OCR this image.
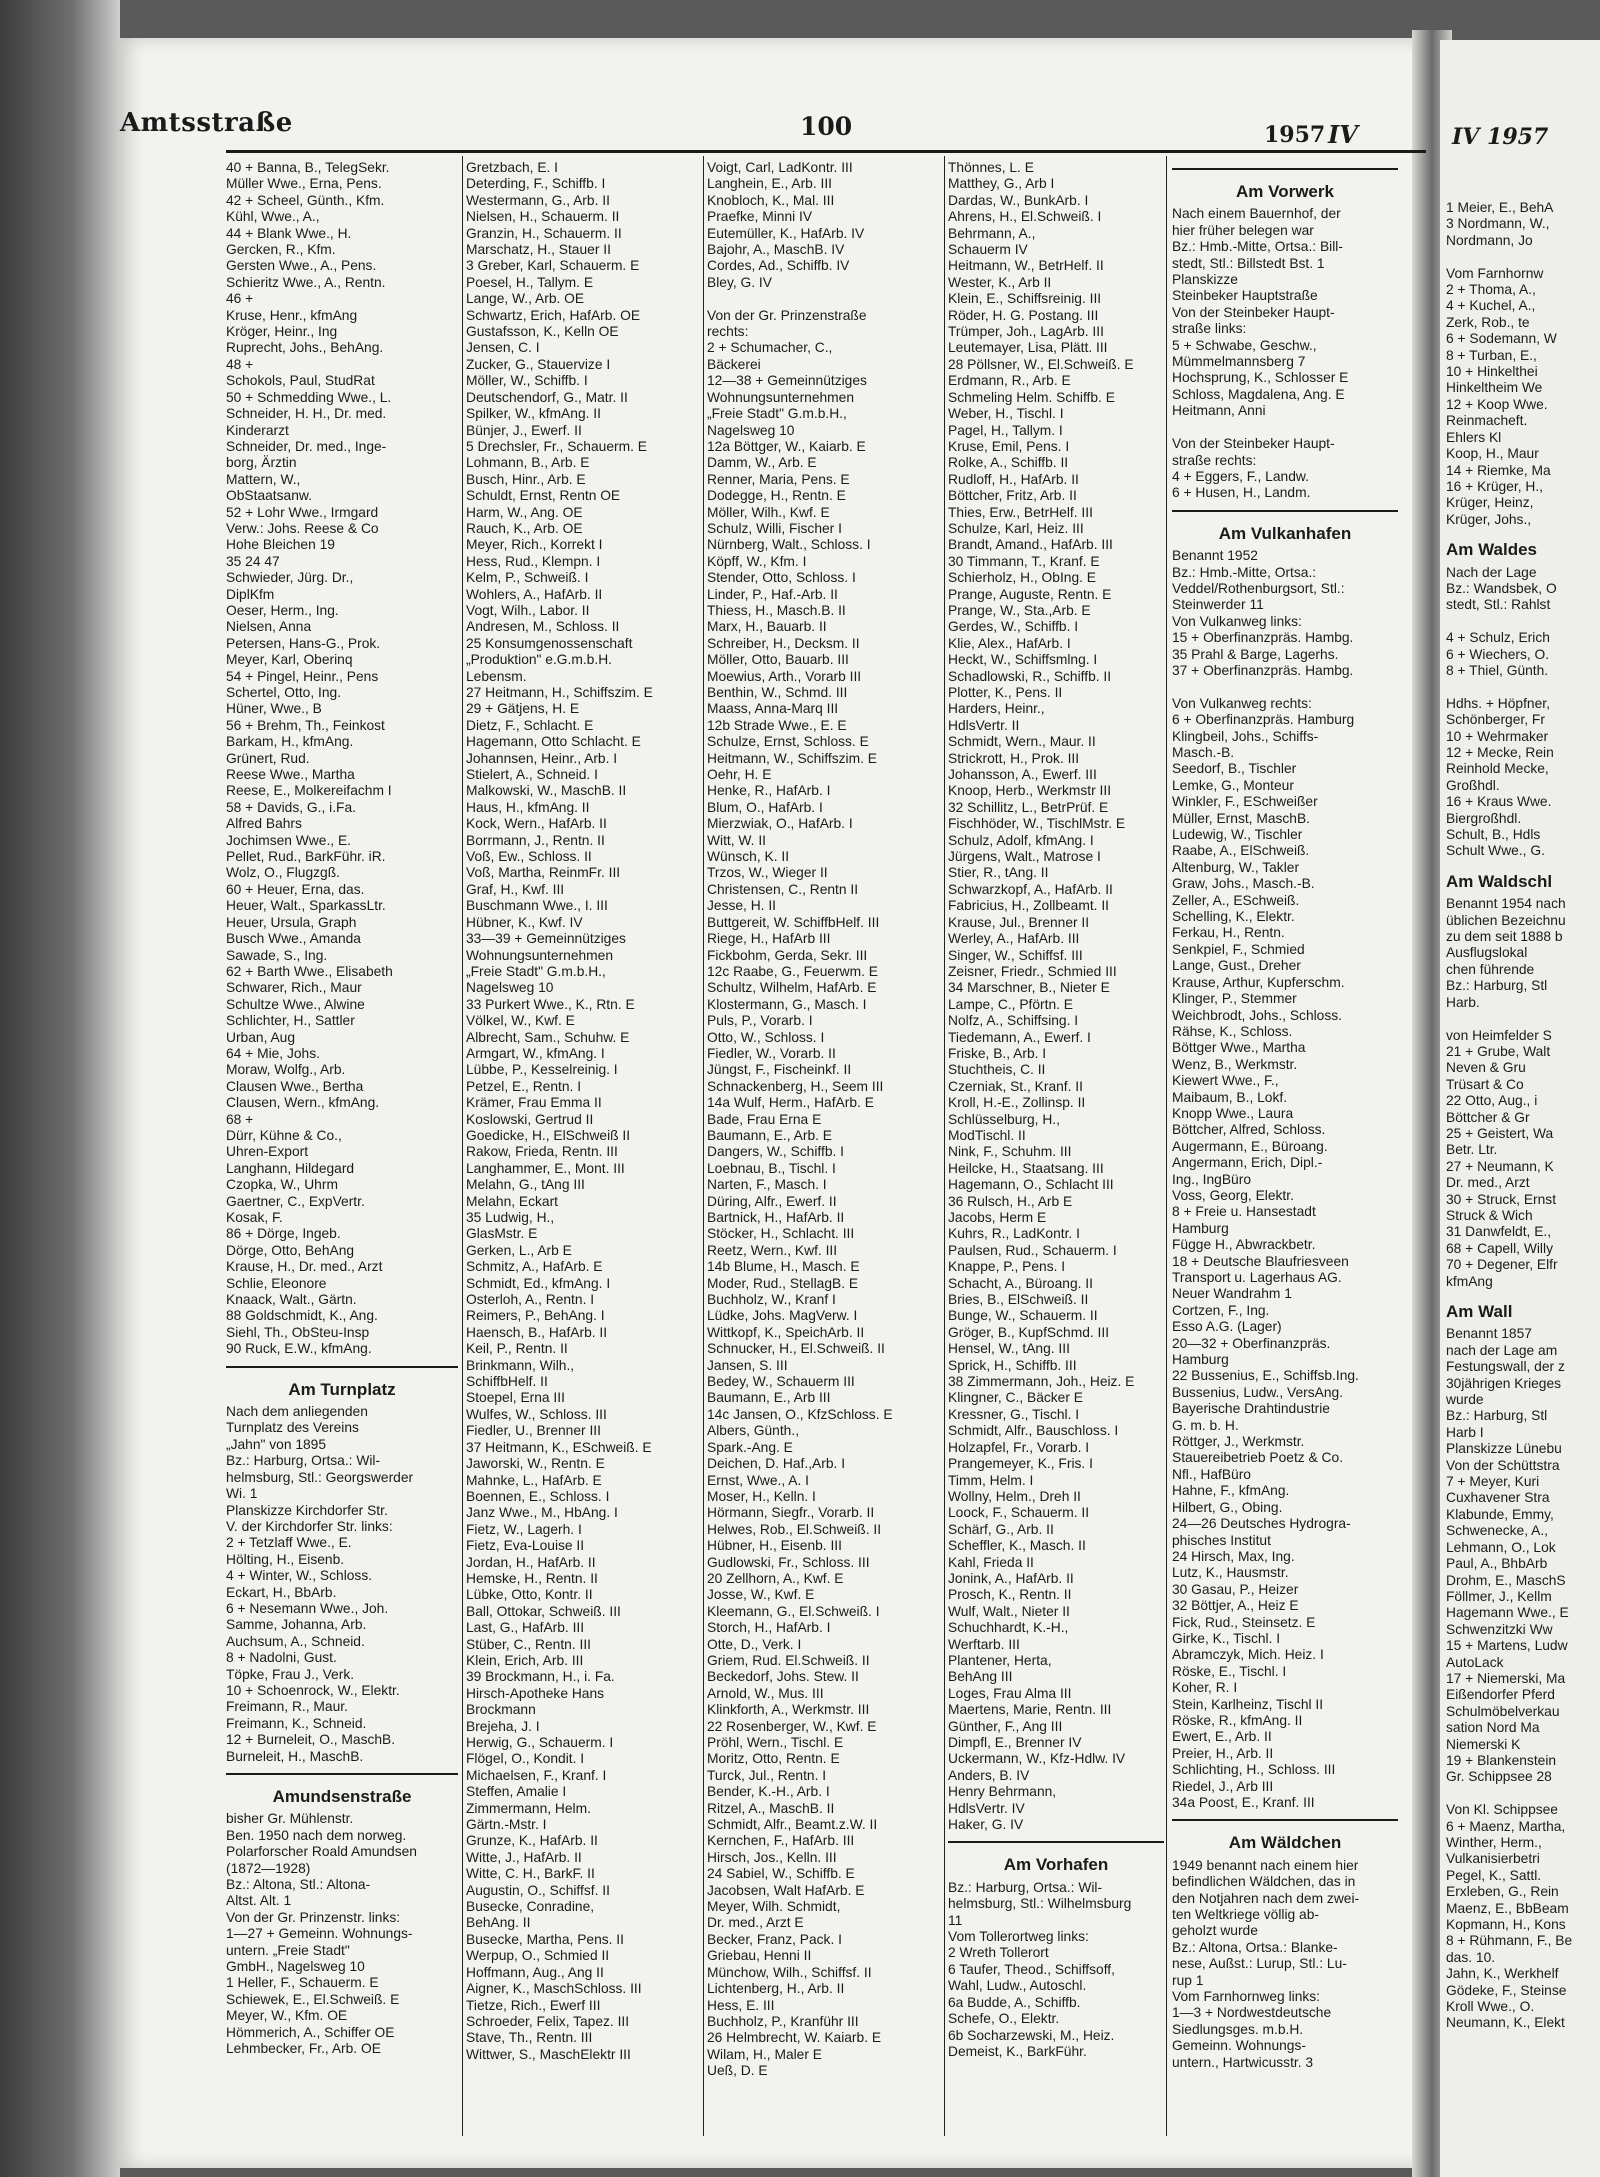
Amtsstraße	100	1957 IV
40 + Banna, B., TelegSekr.
Müller Wwe., Erna, Pens.
42 + Scheel, Günth., Kfm.
Kühl, Wwe., A.,
44 + Blank Wwe., H.
Gercken, R., Kfm.
Gersten Wwe., A., Pens.
Schieritz Wwe., A., Rentn.
46 +
Kruse, Henr., kfmAng
Kröger, Heinr., Ing
Ruprecht, Johs., BehAng.
48 +
Schokols, Paul, StudRat
50 + Schmedding Wwe., L.
Schneider, H. H., Dr. med.
Kinderarzt
Schneider, Dr. med., Inge-
borg, Ärztin
Mattern, W.,
ObStaatsanw.
52 + Lohr Wwe., Irmgard
Verw.: Johs. Reese & Co
Hohe Bleichen 19
35 24 47
Schwieder, Jürg. Dr.,
DiplKfm
Oeser, Herm., Ing.
Nielsen, Anna
Petersen, Hans-G., Prok.
Meyer, Karl, Oberinq
54 + Pingel, Heinr., Pens
Schertel, Otto, Ing.
Hüner, Wwe., B
56 + Brehm, Th., Feinkost
Barkam, H., kfmAng.
Grünert, Rud.
Reese Wwe., Martha
Reese, E., Molkereifachm I
58 + Davids, G., i.Fa.
Alfred Bahrs
Jochimsen Wwe., E.
Pellet, Rud., BarkFühr. iR.
Wolz, O., Flugzgß.
60 + Heuer, Erna, das.
Heuer, Walt., SparkassLtr.
Heuer, Ursula, Graph
Busch Wwe., Amanda
Sawade, S., Ing.
62 + Barth Wwe., Elisabeth
Schwarer, Rich., Maur
Schultze Wwe., Alwine
Schlichter, H., Sattler
Urban, Aug
64 + Mie, Johs.
Moraw, Wolfg., Arb.
Clausen Wwe., Bertha
Clausen, Wern., kfmAng.
68 +
Dürr, Kühne & Co.,
Uhren-Export
Langhann, Hildegard
Czopka, W., Uhrm
Gaertner, C., ExpVertr.
Kosak, F.
86 + Dörge, Ingeb.
Dörge, Otto, BehAng
Krause, H., Dr. med., Arzt
Schlie, Eleonore
Knaack, Walt., Gärtn.
88 Goldschmidt, K., Ang.
Siehl, Th., ObSteu-Insp
90 Ruck, E.W., kfmAng.
Am Turnplatz
Nach dem anliegenden
Turnplatz des Vereins
„Jahn" von 1895
Bz.: Harburg, Ortsa.: Wil-
helmsburg, Stl.: Georgswerder
Wi. 1
Planskizze Kirchdorfer Str.
V. der Kirchdorfer Str. links:
2 + Tetzlaff Wwe., E.
Hölting, H., Eisenb.
4 + Winter, W., Schloss.
Eckart, H., BbArb.
6 + Nesemann Wwe., Joh.
Samme, Johanna, Arb.
Auchsum, A., Schneid.
8 + Nadolni, Gust.
Töpke, Frau J., Verk.
10 + Schoenrock, W., Elektr.
Freimann, R., Maur.
Freimann, K., Schneid.
12 + Burneleit, O., MaschB.
Burneleit, H., MaschB.
Amundsenstraße
bisher Gr. Mühlenstr.
Ben. 1950 nach dem norweg.
Polarforscher Roald Amundsen
(1872—1928)
Bz.: Altona, Stl.: Altona-
Altst. Alt. 1
Von der Gr. Prinzenstr. links:
1—27 + Gemeinn. Wohnungs-
untern. „Freie Stadt"
GmbH., Nagelsweg 10
1 Heller, F., Schauerm. E
Schiewek, E., El.Schweiß. E
Meyer, W., Kfm. OE
Hömmerich, A., Schiffer OE
Lehmbecker, Fr., Arb. OE
Gretzbach, E. I
Deterding, F., Schiffb. I
Westermann, G., Arb. II
Nielsen, H., Schauerm. II
Granzin, H., Schauerm. II
Marschatz, H., Stauer II
3 Greber, Karl, Schauerm. E
Poesel, H., Tallym. E
Lange, W., Arb. OE
Schwartz, Erich, HafArb. OE
Gustafsson, K., Kelln OE
Jensen, C. I
Zucker, G., Stauervize I
Möller, W., Schiffb. I
Deutschendorf, G., Matr. II
Spilker, W., kfmAng. II
Bünjer, J., Ewerf. II
5 Drechsler, Fr., Schauerm. E
Lohmann, B., Arb. E
Busch, Hinr., Arb. E
Schuldt, Ernst, Rentn OE
Harm, W., Ang. OE
Rauch, K., Arb. OE
Meyer, Rich., Korrekt I
Hess, Rud., Klempn. I
Kelm, P., Schweiß. I
Wohlers, A., HafArb. II
Vogt, Wilh., Labor. II
Andresen, M., Schloss. II
25 Konsumgenossenschaft
„Produktion" e.G.m.b.H.
Lebensm.
27 Heitmann, H., Schiffszim. E
29 + Gätjens, H. E
Dietz, F., Schlacht. E
Hagemann, Otto Schlacht. E
Johannsen, Heinr., Arb. I
Stielert, A., Schneid. I
Malkowski, W., MaschB. II
Haus, H., kfmAng. II
Kock, Wern., HafArb. II
Borrmann, J., Rentn. II
Voß, Ew., Schloss. II
Voß, Martha, ReinmFr. III
Graf, H., Kwf. III
Buschmann Wwe., I. III
Hübner, K., Kwf. IV
33—39 + Gemeinnütziges
Wohnungsunternehmen
„Freie Stadt" G.m.b.H.,
Nagelsweg 10
33 Purkert Wwe., K., Rtn. E
Völkel, W., Kwf. E
Albrecht, Sam., Schuhw. E
Armgart, W., kfmAng. I
Lübbe, P., Kesselreinig. I
Petzel, E., Rentn. I
Krämer, Frau Emma II
Koslowski, Gertrud II
Goedicke, H., ElSchweiß II
Rakow, Frieda, Rentn. III
Langhammer, E., Mont. III
Melahn, G., tAng III
Melahn, Eckart
35 Ludwig, H.,
GlasMstr. E
Gerken, L., Arb E
Schmitz, A., HafArb. E
Schmidt, Ed., kfmAng. I
Osterloh, A., Rentn. I
Reimers, P., BehAng. I
Haensch, B., HafArb. II
Keil, P., Rentn. II
Brinkmann, Wilh.,
SchiffbHelf. II
Stoepel, Erna III
Wulfes, W., Schloss. III
Fiedler, U., Brenner III
37 Heitmann, K., ESchweiß. E
Jaworski, W., Rentn. E
Mahnke, L., HafArb. E
Boennen, E., Schloss. I
Janz Wwe., M., HbAng. I
Fietz, W., Lagerh. I
Fietz, Eva-Louise II
Jordan, H., HafArb. II
Hemske, H., Rentn. II
Lübke, Otto, Kontr. II
Ball, Ottokar, Schweiß. III
Last, G., HafArb. III
Stüber, C., Rentn. III
Klein, Erich, Arb. III
39 Brockmann, H., i. Fa.
Hirsch-Apotheke Hans
Brockmann
Brejeha, J. I
Herwig, G., Schauerm. I
Flögel, O., Kondit. I
Michaelsen, F., Kranf. I
Steffen, Amalie I
Zimmermann, Helm.
Gärtn.-Mstr. I
Grunze, K., HafArb. II
Witte, J., HafArb. II
Witte, C. H., BarkF. II
Augustin, O., Schiffsf. II
Busecke, Conradine,
BehAng. II
Busecke, Martha, Pens. II
Werpup, O., Schmied II
Hoffmann, Aug., Ang II
Aigner, K., MaschSchloss. III
Tietze, Rich., Ewerf III
Schroeder, Felix, Tapez. III
Stave, Th., Rentn. III
Wittwer, S., MaschElektr III
Voigt, Carl, LadKontr. III
Langhein, E., Arb. III
Knobloch, K., Mal. III
Praefke, Minni IV
Eutemüller, K., HafArb. IV
Bajohr, A., MaschB. IV
Cordes, Ad., Schiffb. IV
Bley, G. IV

Von der Gr. Prinzenstraße
rechts:
2 + Schumacher, C.,
Bäckerei
12—38 + Gemeinnütziges
Wohnungsunternehmen
„Freie Stadt" G.m.b.H.,
Nagelsweg 10
12a Böttger, W., Kaiarb. E
Damm, W., Arb. E
Renner, Maria, Pens. E
Dodegge, H., Rentn. E
Möller, Wilh., Kwf. E
Schulz, Willi, Fischer I
Nürnberg, Walt., Schloss. I
Köpff, W., Kfm. I
Stender, Otto, Schloss. I
Linder, P., Haf.-Arb. II
Thiess, H., Masch.B. II
Marx, H., Bauarb. II
Schreiber, H., Decksm. II
Möller, Otto, Bauarb. III
Moewius, Arth., Vorarb III
Benthin, W., Schmd. III
Maass, Anna-Marq III
12b Strade Wwe., E. E
Schulze, Ernst, Schloss. E
Heitmann, W., Schiffszim. E
Oehr, H. E
Henke, R., HafArb. I
Blum, O., HafArb. I
Mierzwiak, O., HafArb. I
Witt, W. II
Wünsch, K. II
Trzos, W., Wieger II
Christensen, C., Rentn II
Jesse, H. II
Buttgereit, W. SchiffbHelf. III
Riege, H., HafArb III
Fickbohm, Gerda, Sekr. III
12c Raabe, G., Feuerwm. E
Schultz, Wilhelm, HafArb. E
Klostermann, G., Masch. I
Puls, P., Vorarb. I
Otto, W., Schloss. I
Fiedler, W., Vorarb. II
Jüngst, F., Fischeinkf. II
Schnackenberg, H., Seem III
14a Wulf, Herm., HafArb. E
Bade, Frau Erna E
Baumann, E., Arb. E
Dangers, W., Schiffb. I
Loebnau, B., Tischl. I
Narten, F., Masch. I
Düring, Alfr., Ewerf. II
Bartnick, H., HafArb. II
Stöcker, H., Schlacht. III
Reetz, Wern., Kwf. III
14b Blume, H., Masch. E
Moder, Rud., StellagB. E
Buchholz, W., Kranf I
Lüdke, Johs. MagVerw. I
Wittkopf, K., SpeichArb. II
Schnucker, H., El.Schweiß. II
Jansen, S. III
Bedey, W., Schauerm III
Baumann, E., Arb III
14c Jansen, O., KfzSchloss. E
Albers, Günth.,
Spark.-Ang. E
Deichen, D. Haf.,Arb. I
Ernst, Wwe., A. I
Moser, H., Kelln. I
Hörmann, Siegfr., Vorarb. II
Helwes, Rob., El.Schweiß. II
Hübner, H., Eisenb. III
Gudlowski, Fr., Schloss. III
20 Zellhorn, A., Kwf. E
Josse, W., Kwf. E
Kleemann, G., El.Schweiß. I
Storch, H., HafArb. I
Otte, D., Verk. I
Griem, Rud. El.Schweiß. II
Beckedorf, Johs. Stew. II
Arnold, W., Mus. III
Klinkforth, A., Werkmstr. III
22 Rosenberger, W., Kwf. E
Pröhl, Wern., Tischl. E
Moritz, Otto, Rentn. E
Turck, Jul., Rentn. I
Bender, K.-H., Arb. I
Ritzel, A., MaschB. II
Schmidt, Alfr., Beamt.z.W. II
Kernchen, F., HafArb. III
Hirsch, Jos., Kelln. III
24 Sabiel, W., Schiffb. E
Jacobsen, Walt HafArb. E
Meyer, Wilh. Schmidt,
Dr. med., Arzt E
Becker, Franz, Pack. I
Griebau, Henni II
Münchow, Wilh., Schiffsf. II
Lichtenberg, H., Arb. II
Hess, E. III
Buchholz, P., Kranführ III
26 Helmbrecht, W. Kaiarb. E
Wilam, H., Maler E
Ueß, D. E
Thönnes, L. E
Matthey, G., Arb I
Dardas, W., BunkArb. I
Ahrens, H., El.Schweiß. I
Behrmann, A.,
Schauerm IV
Heitmann, W., BetrHelf. II
Wester, K., Arb II
Klein, E., Schiffsreinig. III
Röder, H. G. Postang. III
Trümper, Joh., LagArb. III
Leutemayer, Lisa, Plätt. III
28 Pöllsner, W., El.Schweiß. E
Erdmann, R., Arb. E
Schmeling Helm. Schiffb. E
Weber, H., Tischl. I
Pagel, H., Tallym. I
Kruse, Emil, Pens. I
Rolke, A., Schiffb. II
Rudloff, H., HafArb. II
Böttcher, Fritz, Arb. II
Thies, Erw., BetrHelf. III
Schulze, Karl, Heiz. III
Brandt, Amand., HafArb. III
30 Timmann, T., Kranf. E
Schierholz, H., ObIng. E
Prange, Auguste, Rentn. E
Prange, W., Sta.,Arb. E
Gerdes, W., Schiffb. I
Klie, Alex., HafArb. I
Heckt, W., Schiffsmlng. I
Schadlowski, R., Schiffb. II
Plotter, K., Pens. II
Harders, Heinr.,
HdlsVertr. II
Schmidt, Wern., Maur. II
Strickrott, H., Prok. III
Johansson, A., Ewerf. III
Knoop, Herb., Werkmstr III
32 Schillitz, L., BetrPrüf. E
Fischhöder, W., TischlMstr. E
Schulz, Adolf, kfmAng. I
Jürgens, Walt., Matrose I
Stier, R., tAng. II
Schwarzkopf, A., HafArb. II
Fabricius, H., Zollbeamt. II
Krause, Jul., Brenner II
Werley, A., HafArb. III
Singer, W., Schiffsf. III
Zeisner, Friedr., Schmied III
34 Marschner, B., Nieter E
Lampe, C., Pförtn. E
Nolfz, A., Schiffsing. I
Tiedemann, A., Ewerf. I
Friske, B., Arb. I
Stuchtheis, C. II
Czerniak, St., Kranf. II
Kroll, H.-E., Zollinsp. II
Schlüsselburg, H.,
ModTischl. II
Nink, F., Schuhm. III
Heilcke, H., Staatsang. III
Hagemann, O., Schlacht III
36 Rulsch, H., Arb E
Jacobs, Herm E
Kuhrs, R., LadKontr. I
Paulsen, Rud., Schauerm. I
Knappe, P., Pens. I
Schacht, A., Büroang. II
Bries, B., ElSchweiß. II
Bunge, W., Schauerm. II
Gröger, B., KupfSchmd. III
Hensel, W., tAng. III
Sprick, H., Schiffb. III
38 Zimmermann, Joh., Heiz. E
Klingner, C., Bäcker E
Kressner, G., Tischl. I
Schmidt, Alfr., Bauschloss. I
Holzapfel, Fr., Vorarb. I
Prangemeyer, K., Fris. I
Timm, Helm. I
Wollny, Helm., Dreh II
Loock, F., Schauerm. II
Schärf, G., Arb. II
Scheffler, K., Masch. II
Kahl, Frieda II
Jonink, A., HafArb. II
Prosch, K., Rentn. II
Wulf, Walt., Nieter II
Schuchhardt, K.-H.,
Werftarb. III
Plantener, Herta,
BehAng III
Loges, Frau Alma III
Maertens, Marie, Rentn. III
Günther, F., Ang III
Dimpfl, E., Brenner IV
Uckermann, W., Kfz-Hdlw. IV
Anders, B. IV
Henry Behrmann,
HdlsVertr. IV
Haker, G. IV
Am Vorhafen
Bz.: Harburg, Ortsa.: Wil-
helmsburg, Stl.: Wilhelmsburg
11
Vom Tollerortweg links:
2 Wreth Tollerort
6 Taufer, Theod., Schiffsoff,
Wahl, Ludw., Autoschl.
6a Budde, A., Schiffb.
Schefe, O., Elektr.
6b Socharzewski, M., Heiz.
Demeist, K., BarkFühr.
Am Vorwerk
Nach einem Bauernhof, der
hier früher belegen war
Bz.: Hmb.-Mitte, Ortsa.: Bill-
stedt, Stl.: Billstedt Bst. 1
Planskizze
Steinbeker Hauptstraße
Von der Steinbeker Haupt-
straße links:
5 + Schwabe, Geschw.,
Mümmelmannsberg 7
Hochsprung, K., Schlosser E
Schloss, Magdalena, Ang. E
Heitmann, Anni

Von der Steinbeker Haupt-
straße rechts:
4 + Eggers, F., Landw.
6 + Husen, H., Landm.
Am Vulkanhafen
Benannt 1952
Bz.: Hmb.-Mitte, Ortsa.:
Veddel/Rothenburgsort, Stl.:
Steinwerder 11
Von Vulkanweg links:
15 + Oberfinanzpräs. Hambg.
35 Prahl & Barge, Lagerhs.
37 + Oberfinanzpräs. Hambg.

Von Vulkanweg rechts:
6 + Oberfinanzpräs. Hamburg
Klingbeil, Johs., Schiffs-
Masch.-B.
Seedorf, B., Tischler
Lemke, G., Monteur
Winkler, F., ESchweißer
Müller, Ernst, MaschB.
Ludewig, W., Tischler
Raabe, A., ElSchweiß.
Altenburg, W., Takler
Graw, Johs., Masch.-B.
Zeller, A., ESchweiß.
Schelling, K., Elektr.
Ferkau, H., Rentn.
Senkpiel, F., Schmied
Lange, Gust., Dreher
Krause, Arthur, Kupferschm.
Klinger, P., Stemmer
Weichbrodt, Johs., Schloss.
Rähse, K., Schloss.
Böttger Wwe., Martha
Wenz, B., Werkmstr.
Kiewert Wwe., F.,
Maibaum, B., Lokf.
Knopp Wwe., Laura
Böttcher, Alfred, Schloss.
Augermann, E., Büroang.
Angermann, Erich, Dipl.-
Ing., IngBüro
Voss, Georg, Elektr.
8 + Freie u. Hansestadt
Hamburg
Függe H., Abwrackbetr.
18 + Deutsche Blaufriesveen
Transport u. Lagerhaus AG.
Neuer Wandrahm 1
Cortzen, F., Ing.
Esso A.G. (Lager)
20—32 + Oberfinanzpräs.
Hamburg
22 Bussenius, E., Schiffsb.Ing.
Bussenius, Ludw., VersAng.
Bayerische Drahtindustrie
G. m. b. H.
Röttger, J., Werkmstr.
Stauereibetrieb Poetz & Co.
Nfl., HafBüro
Hahne, F., kfmAng.
Hilbert, G., Obing.
24—26 Deutsches Hydrogra-
phisches Institut
24 Hirsch, Max, Ing.
Lutz, K., Hausmstr.
30 Gasau, P., Heizer
32 Böttjer, A., Heiz E
Fick, Rud., Steinsetz. E
Girke, K., Tischl. I
Abramczyk, Mich. Heiz. I
Röske, E., Tischl. I
Koher, R. I
Stein, Karlheinz, Tischl II
Röske, R., kfmAng. II
Ewert, E., Arb. II
Preier, H., Arb. II
Schlichting, H., Schloss. III
Riedel, J., Arb III
34a Poost, E., Kranf. III
Am Wäldchen
1949 benannt nach einem hier
befindlichen Wäldchen, das in
den Notjahren nach dem zwei-
ten Weltkriege völlig ab-
geholzt wurde
Bz.: Altona, Ortsa.: Blanke-
nese, Außst.: Lurup, Stl.: Lu-
rup 1
Vom Farnhornweg links:
1—3 + Nordwestdeutsche
Siedlungsges. m.b.H.
Gemeinn. Wohnungs-
untern., Hartwicusstr. 3
IV 1957
1 Meier, E., BehA
3 Nordmann, W.,
Nordmann, Jo

Vom Farnhornw
2 + Thoma, A.,
4 + Kuchel, A.,
Zerk, Rob., te
6 + Sodemann, W
8 + Turban, E.,
10 + Hinkelthei
Hinkeltheim We
12 + Koop Wwe.
Reinmacheft.
Ehlers Kl
Koop, H., Maur
14 + Riemke, Ma
16 + Krüger, H.,
Krüger, Heinz,
Krüger, Johs.,
Am Waldes
Nach der Lage
Bz.: Wandsbek, O
stedt, Stl.: Rahlst

4 + Schulz, Erich
6 + Wiechers, O.
8 + Thiel, Günth.

Hdhs. + Höpfner,
Schönberger, Fr
10 + Wehrmaker
12 + Mecke, Rein
Reinhold Mecke,
Großhdl.
16 + Kraus Wwe.
Biergroßhdl.
Schult, B., Hdls
Schult Wwe., G.
Am Waldschl
Benannt 1954 nach
üblichen Bezeichnu
zu dem seit 1888 b
Ausflugslokal
chen führende
Bz.: Harburg, Stl
Harb.

von Heimfelder S
21 + Grube, Walt
Neven & Gru
Trüsart & Co
22 Otto, Aug., i
Böttcher & Gr
25 + Geistert, Wa
Betr. Ltr.
27 + Neumann, K
Dr. med., Arzt
30 + Struck, Ernst
Struck & Wich
31 Danwfeldt, E.,
68 + Capell, Willy
70 + Degener, Elfr
kfmAng
Am Wall
Benannt 1857
nach der Lage am
Festungswall, der z
30jährigen Krieges
wurde
Bz.: Harburg, Stl
Harb I
Planskizze Lünebu
Von der Schüttstra
7 + Meyer, Kuri
Cuxhavener Stra
Klabunde, Emmy,
Schwenecke, A.,
Lehmann, O., Lok
Paul, A., BhbArb
Drohm, E., MaschS
Föllmer, J., Kellm
Hagemann Wwe., E
Schwenzitzki Ww
15 + Martens, Ludw
AutoLack
17 + Niemerski, Ma
Eißendorfer Pferd
Schulmöbelverkau
sation Nord Ma
Niemerski K
19 + Blankenstein
Gr. Schippsee 28

Von Kl. Schippsee
6 + Maenz, Martha,
Winther, Herm.,
Vulkanisierbetri
Pegel, K., Sattl.
Erxleben, G., Rein
Maenz, E., BbBeam
Kopmann, H., Kons
8 + Rühmann, F., Be
das. 10.
Jahn, K., Werkhelf
Gödeke, F., Steinse
Kroll Wwe., O.
Neumann, K., Elekt
